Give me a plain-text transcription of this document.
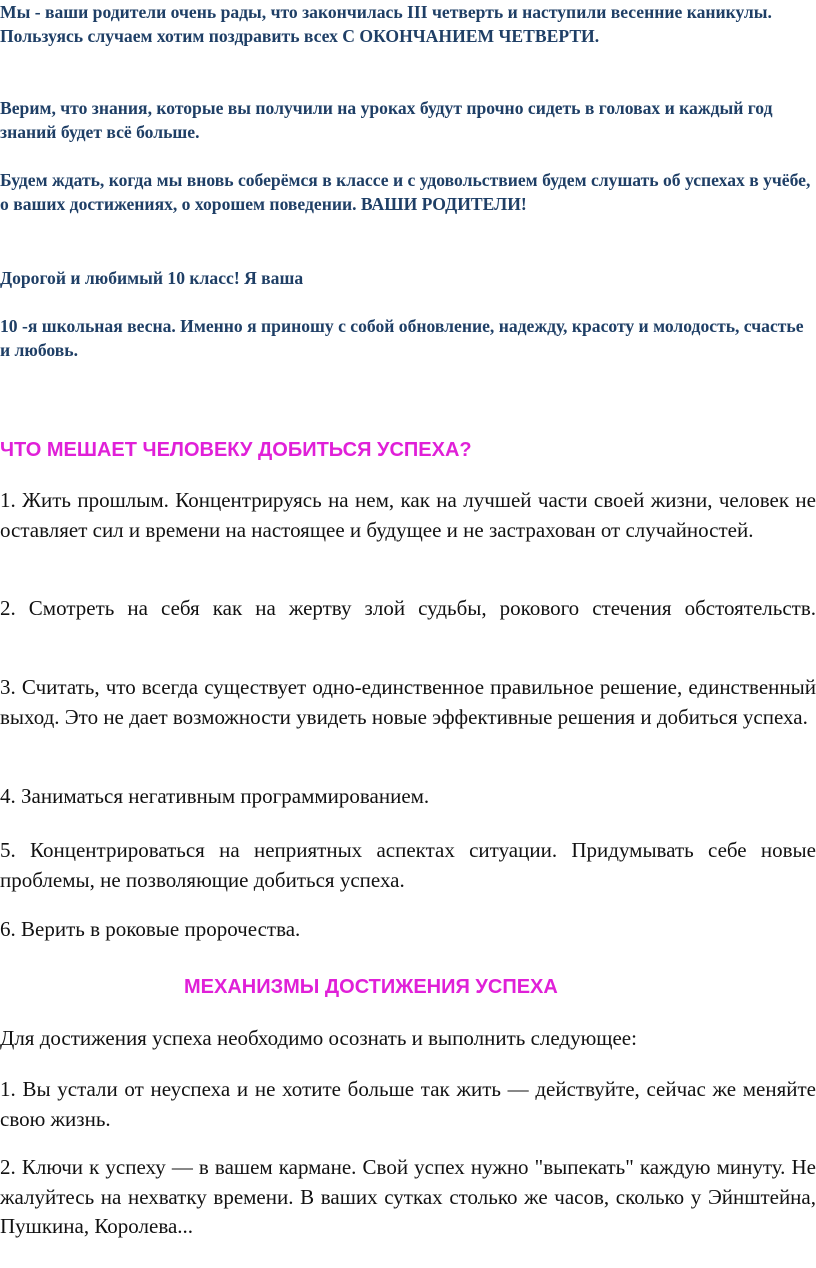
Мы - ваши родители очень рады, что закончилась III четверть и наступили весенние каникулы. Пользуясь случаем хотим поздравить всех С ОКОНЧАНИЕМ ЧЕТВЕРТИ.

Верим, что знания, которые вы получили на уроках будут прочно сидеть в головах и каждый год знаний будет всё больше.

Будем ждать, когда мы вновь соберёмся в классе и с удовольствием будем слушать об успехах в учёбе, о ваших достижениях, о хорошем поведении. ВАШИ РОДИТЕЛИ!

Дорогой и любимый 10 класс! Я ваша

10 -я школьная весна. Именно я приношу с собой обновление, надежду, красоту и молодость, счастье и любовь.

ЧТО МЕШАЕТ ЧЕЛОВЕКУ ДОБИТЬСЯ УСПЕХА?

1. Жить прошлым. Концентрируясь на нем, как на лучшей части своей жизни, человек не оставляет сил и времени на настоящее и будущее и не застрахован от случайностей.

2. Смотреть на себя как на жертву злой судьбы, рокового стечения обстоятельств.

3. Считать, что всегда существует одно-единственное правильное решение, единственный выход. Это не дает возможности увидеть новые эффективные решения и добиться успеха.

4. Заниматься негативным программированием.

5. Концентрироваться на неприятных аспектах ситуации. Придумывать себе новые проблемы, не позволяющие добиться успеха.

6. Верить в роковые пророчества.

МЕХАНИЗМЫ ДОСТИЖЕНИЯ УСПЕХА

Для достижения успеха необходимо осознать и выполнить следующее:

1. Вы устали от неуспеха и не хотите больше так жить — действуйте, сейчас же меняйте свою жизнь.

2. Ключи к успеху — в вашем кармане. Свой успех нужно "выпекать" каждую минуту. Не жалуйтесь на нехватку времени. В ваших сутках столько же часов, сколько у Эйнштейна, Пушкина, Королева...
